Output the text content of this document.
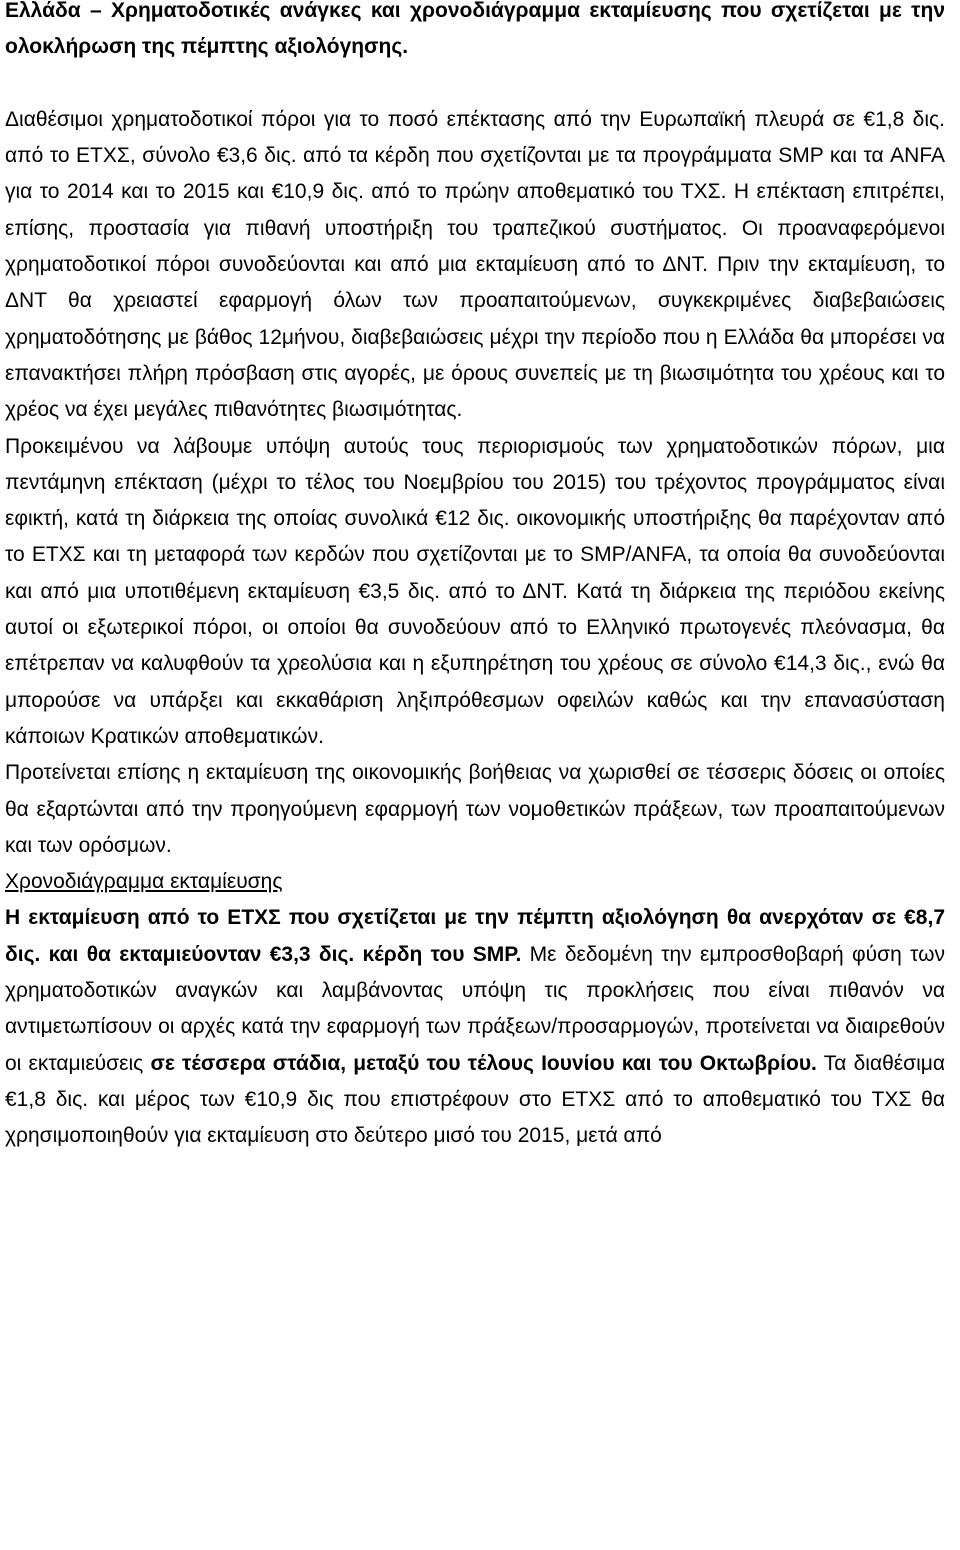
Ελλάδα – Χρηματοδοτικές ανάγκες και χρονοδιάγραμμα εκταμίευσης που σχετίζεται με την ολοκλήρωση της πέμπτης αξιολόγησης.

Διαθέσιμοι χρηματοδοτικοί πόροι για το ποσό επέκτασης από την Ευρωπαϊκή πλευρά σε €1,8 δις. από το ΕΤΧΣ, σύνολο €3,6 δις. από τα κέρδη που σχετίζονται με τα προγράμματα SMP και τα ANFA για το 2014 και το 2015 και €10,9 δις. από το πρώην αποθεματικό του ΤΧΣ. Η επέκταση επιτρέπει, επίσης, προστασία για πιθανή υποστήριξη του τραπεζικού συστήματος. Οι προαναφερόμενοι χρηματοδοτικοί πόροι συνοδεύονται και από μια εκταμίευση από το ΔΝΤ. Πριν την εκταμίευση, το ΔΝΤ θα χρειαστεί εφαρμογή όλων των προαπαιτούμενων, συγκεκριμένες διαβεβαιώσεις χρηματοδότησης με βάθος 12μήνου, διαβεβαιώσεις μέχρι την περίοδο που η Ελλάδα θα μπορέσει να επανακτήσει πλήρη πρόσβαση στις αγορές, με όρους συνεπείς με τη βιωσιμότητα του χρέους και το χρέος να έχει μεγάλες πιθανότητες βιωσιμότητας.

Προκειμένου να λάβουμε υπόψη αυτούς τους περιορισμούς των χρηματοδοτικών πόρων, μια πεντάμηνη επέκταση (μέχρι το τέλος του Νοεμβρίου του 2015) του τρέχοντος προγράμματος είναι εφικτή, κατά τη διάρκεια της οποίας συνολικά €12 δις. οικονομικής υποστήριξης θα παρέχονταν από το ΕΤΧΣ και τη μεταφορά των κερδών που σχετίζονται με το SMP/ANFA, τα οποία θα συνοδεύονται και από μια υποτιθέμενη εκταμίευση €3,5 δις. από το ΔΝΤ. Κατά τη διάρκεια της περιόδου εκείνης αυτοί οι εξωτερικοί πόροι, οι οποίοι θα συνοδεύουν από το Ελληνικό πρωτογενές πλεόνασμα, θα επέτρεπαν να καλυφθούν τα χρεολύσια και η εξυπηρέτηση του χρέους σε σύνολο €14,3 δις., ενώ θα μπορούσε να υπάρξει και εκκαθάριση ληξιπρόθεσμων οφειλών καθώς και την επανασύσταση κάποιων Κρατικών αποθεματικών.

Προτείνεται επίσης η εκταμίευση της οικονομικής βοήθειας να χωρισθεί σε τέσσερις δόσεις οι οποίες θα εξαρτώνται από την προηγούμενη εφαρμογή των νομοθετικών πράξεων, των προαπαιτούμενων και των ορόσμων.

Χρονοδιάγραμμα εκταμίευσης

Η εκταμίευση από το ΕΤΧΣ που σχετίζεται με την πέμπτη αξιολόγηση θα ανερχόταν σε €8,7 δις. και θα εκταμιεύονταν €3,3 δις. κέρδη του SMP. Με δεδομένη την εμπροσθοβαρή φύση των χρηματοδοτικών αναγκών και λαμβάνοντας υπόψη τις προκλήσεις που είναι πιθανόν να αντιμετωπίσουν οι αρχές κατά την εφαρμογή των πράξεων/προσαρμογών, προτείνεται να διαιρεθούν οι εκταμιεύσεις σε τέσσερα στάδια, μεταξύ του τέλους Ιουνίου και του Οκτωβρίου. Τα διαθέσιμα €1,8 δις. και μέρος των €10,9 δις που επιστρέφουν στο ΕΤΧΣ από το αποθεματικό του ΤΧΣ θα χρησιμοποιηθούν για εκταμίευση στο δεύτερο μισό του 2015, μετά από
